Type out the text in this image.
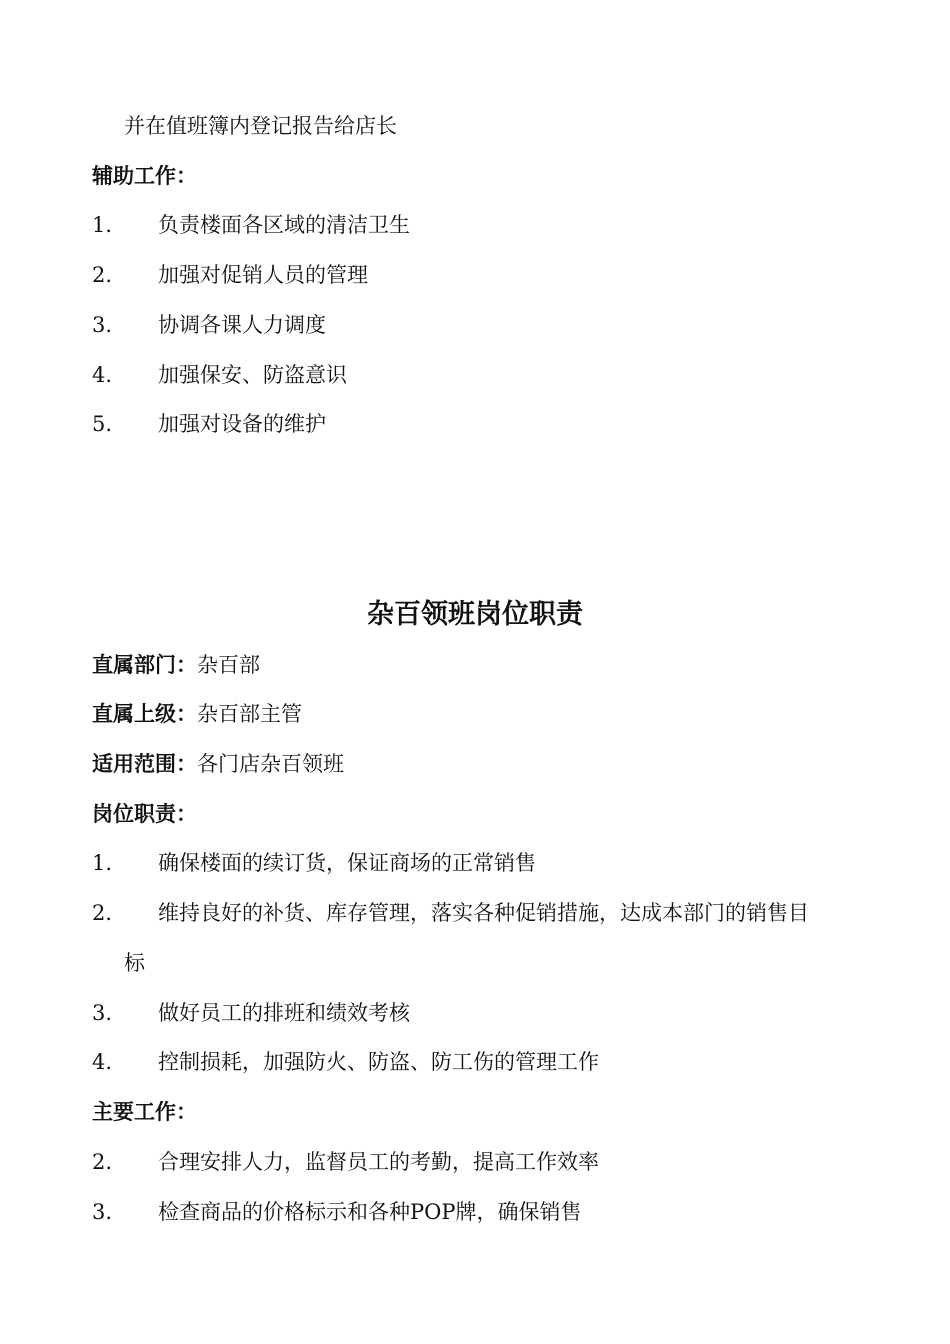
并在值班簿内登记报告给店长
辅助工作：
1. 负责楼面各区域的清洁卫生
2. 加强对促销人员的管理
3. 协调各课人力调度
4. 加强保安、防盗意识
5. 加强对设备的维护
杂百领班岗位职责
直属部门：杂百部
直属上级：杂百部主管
适用范围：各门店杂百领班
岗位职责：
1. 确保楼面的续订货，保证商场的正常销售
2. 维持良好的补货、库存管理，落实各种促销措施，达成本部门的销售目
标
3. 做好员工的排班和绩效考核
4. 控制损耗，加强防火、防盗、防工伤的管理工作
主要工作：
2. 合理安排人力，监督员工的考勤，提高工作效率
3. 检查商品的价格标示和各种POP牌，确保销售
